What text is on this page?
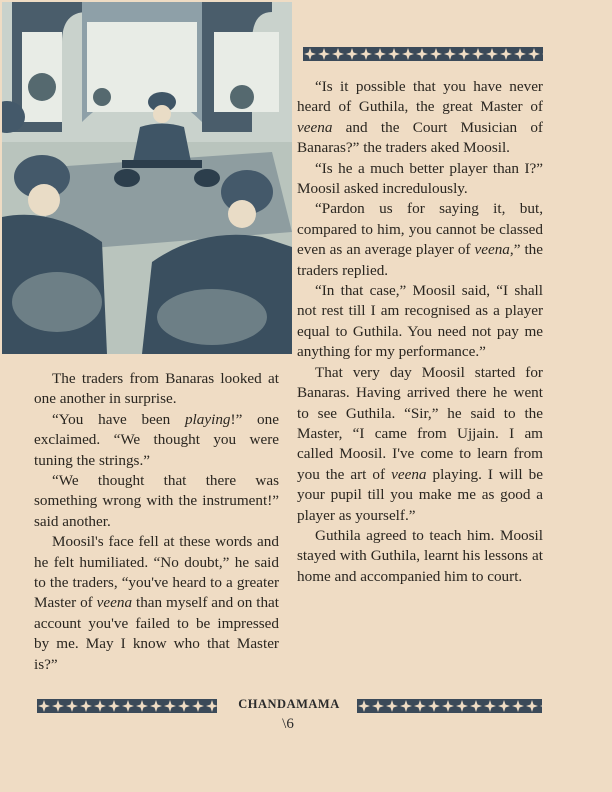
“Is it possible that you have never heard of Guthila, the great Master of veena and the Court Musician of Banaras?” the traders aked Moosil.

“Is he a much better player than I?” Moosil asked incredulously.

“Pardon us for saying it, but, compared to him, you cannot be classed even as an average player of veena,” the traders replied.

“In that case,” Moosil said, “I shall not rest till I am recognised as a player equal to Guthila. You need not pay me anything for my performance.”

That very day Moosil started for Banaras. Having arrived there he went to see Guthila. “Sir,” he said to the Master, “I came from Ujjain. I am called Moosil. I've come to learn from you the art of veena playing. I will be your pupil till you make me as good a player as yourself.”

Guthila agreed to teach him. Moosil stayed with Guthila, learnt his lessons at home and accompanied him to court.

The traders from Banaras looked at one another in surprise.

“You have been playing!” one exclaimed. “We thought you were tuning the strings.”

“We thought that there was something wrong with the instrument!” said another.

Moosil's face fell at these words and he felt humiliated. “No doubt,” he said to the traders, “you've heard to a greater Master of veena than myself and on that account you've failed to be impressed by me. May I know who that Master is?”

CHANDAMAMA
\6
